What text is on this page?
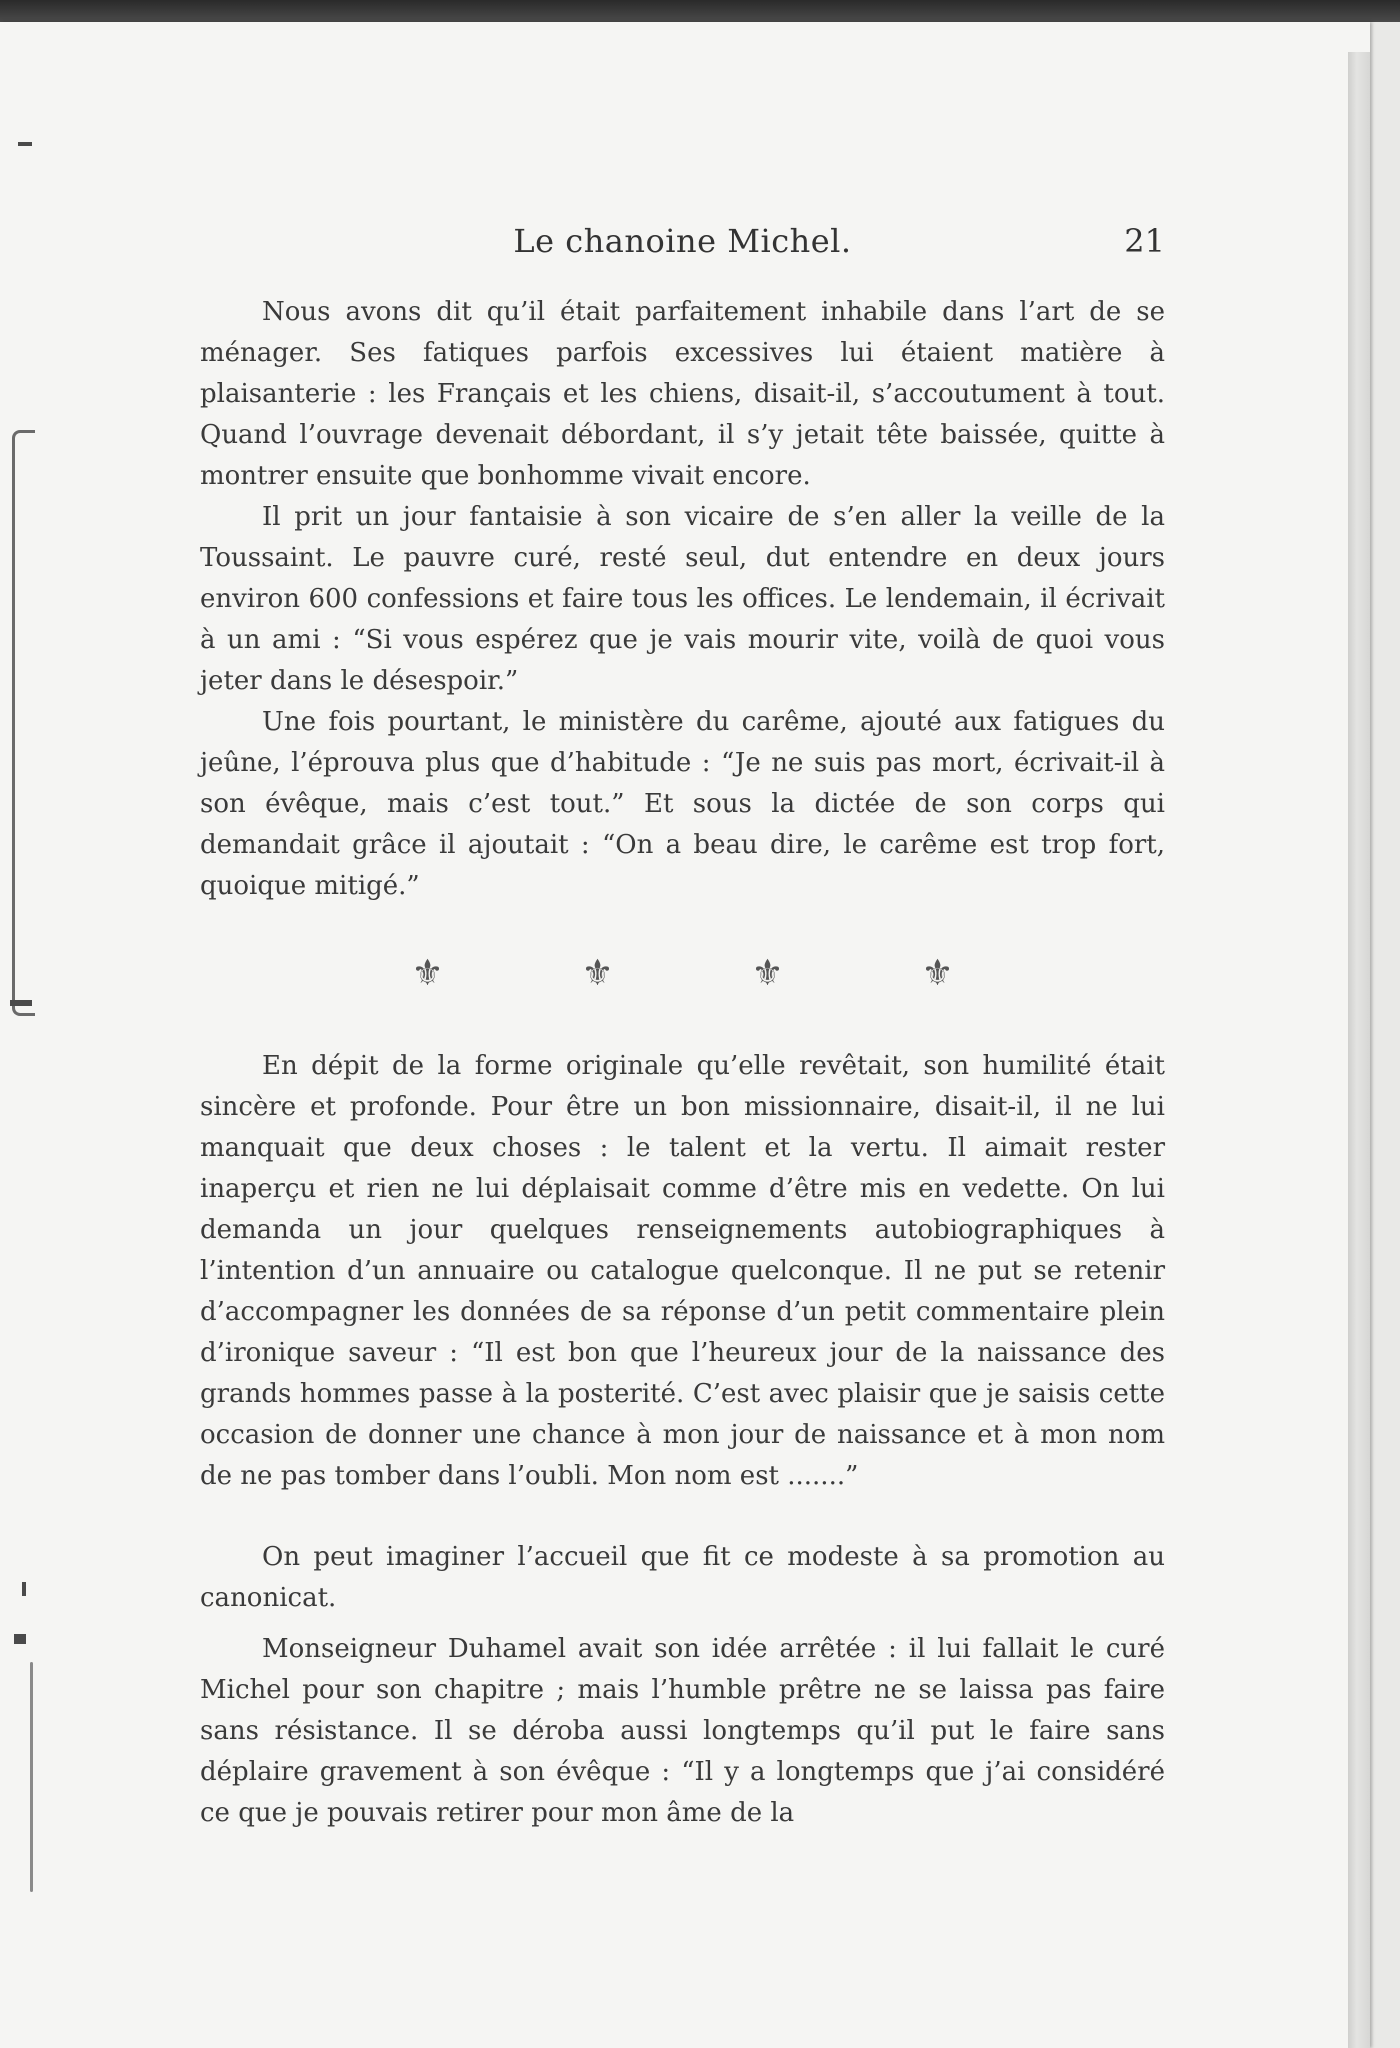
Le chanoine Michel.	21

Nous avons dit qu’il était parfaitement inhabile dans l’art de se ménager. Ses fatiques parfois excessives lui étaient matière à plaisanterie : les Français et les chiens, disait-il, s’accoutument à tout. Quand l’ouvrage devenait débordant, il s’y jetait tête baissée, quitte à montrer ensuite que bonhomme vivait encore.

Il prit un jour fantaisie à son vicaire de s’en aller la veille de la Toussaint. Le pauvre curé, resté seul, dut entendre en deux jours environ 600 confessions et faire tous les offices. Le lendemain, il écrivait à un ami : “Si vous espérez que je vais mourir vite, voilà de quoi vous jeter dans le désespoir.”

Une fois pourtant, le ministère du carême, ajouté aux fatigues du jeûne, l’éprouva plus que d’habitude : “Je ne suis pas mort, écrivait-il à son évêque, mais c’est tout.” Et sous la dictée de son corps qui demandait grâce il ajoutait : “On a beau dire, le carême est trop fort, quoique mitigé.”

⚜	⚜	⚜	⚜

En dépit de la forme originale qu’elle revêtait, son humilité était sincère et profonde. Pour être un bon missionnaire, disait-il, il ne lui manquait que deux choses : le talent et la vertu. Il aimait rester inaperçu et rien ne lui déplaisait comme d’être mis en vedette. On lui demanda un jour quelques renseignements autobiographiques à l’intention d’un annuaire ou catalogue quelconque. Il ne put se retenir d’accompagner les données de sa réponse d’un petit commentaire plein d’ironique saveur : “Il est bon que l’heureux jour de la naissance des grands hommes passe à la posterité. C’est avec plaisir que je saisis cette occasion de donner une chance à mon jour de naissance et à mon nom de ne pas tomber dans l’oubli. Mon nom est .......”

On peut imaginer l’accueil que fit ce modeste à sa promotion au canonicat.

Monseigneur Duhamel avait son idée arrêtée : il lui fallait le curé Michel pour son chapitre ; mais l’humble prêtre ne se laissa pas faire sans résistance. Il se déroba aussi longtemps qu’il put le faire sans déplaire gravement à son évêque : “Il y a longtemps que j’ai considéré ce que je pouvais retirer pour mon âme de la
